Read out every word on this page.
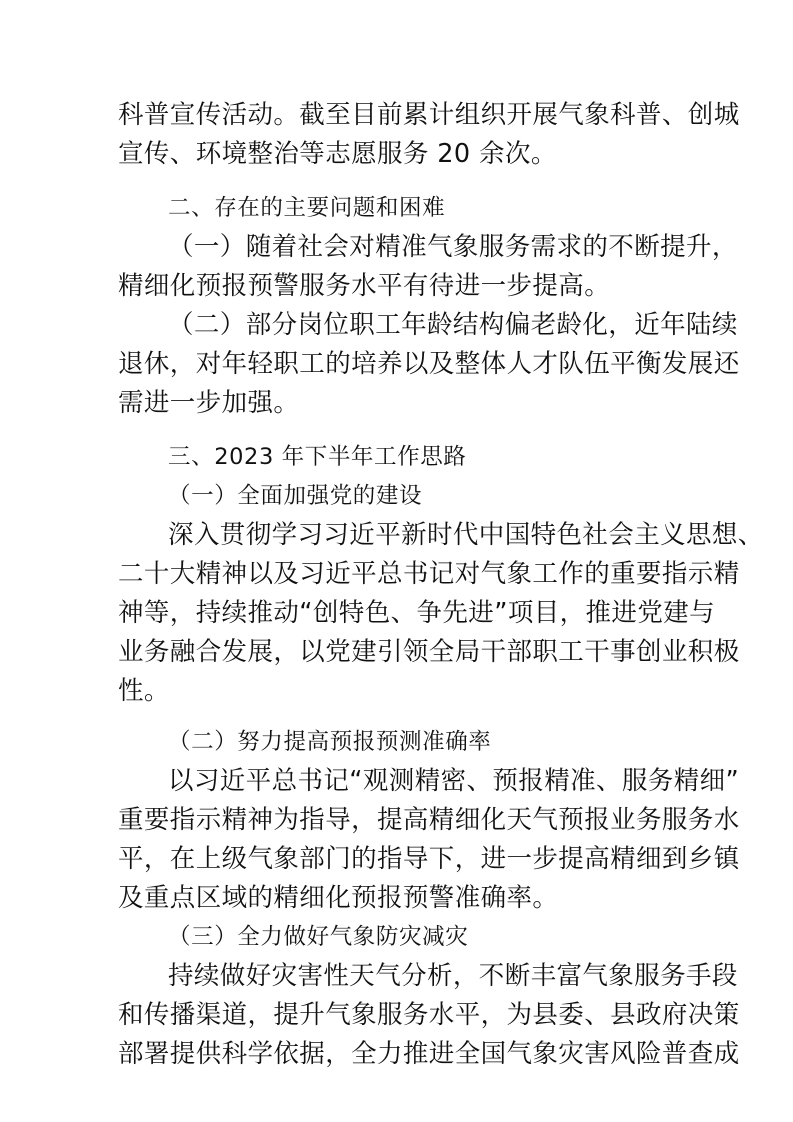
科普宣传活动。截至目前累计组织开展气象科普、创城

宣传、环境整治等志愿服务 20 余次。

二、存在的主要问题和困难

（一）随着社会对精准气象服务需求的不断提升，

精细化预报预警服务水平有待进一步提高。

（二）部分岗位职工年龄结构偏老龄化，近年陆续

退休，对年轻职工的培养以及整体人才队伍平衡发展还

需进一步加强。

三、2023 年下半年工作思路

（一）全面加强党的建设

深入贯彻学习习近平新时代中国特色社会主义思想、

二十大精神以及习近平总书记对气象工作的重要指示精

神等，持续推动“创特色、争先进”项目，推进党建与

业务融合发展，以党建引领全局干部职工干事创业积极

性。

（二）努力提高预报预测准确率

以习近平总书记“观测精密、预报精准、服务精细”

重要指示精神为指导，提高精细化天气预报业务服务水

平，在上级气象部门的指导下，进一步提高精细到乡镇

及重点区域的精细化预报预警准确率。

（三）全力做好气象防灾减灾

持续做好灾害性天气分析，不断丰富气象服务手段

和传播渠道，提升气象服务水平，为县委、县政府决策

部署提供科学依据，全力推进全国气象灾害风险普查成
